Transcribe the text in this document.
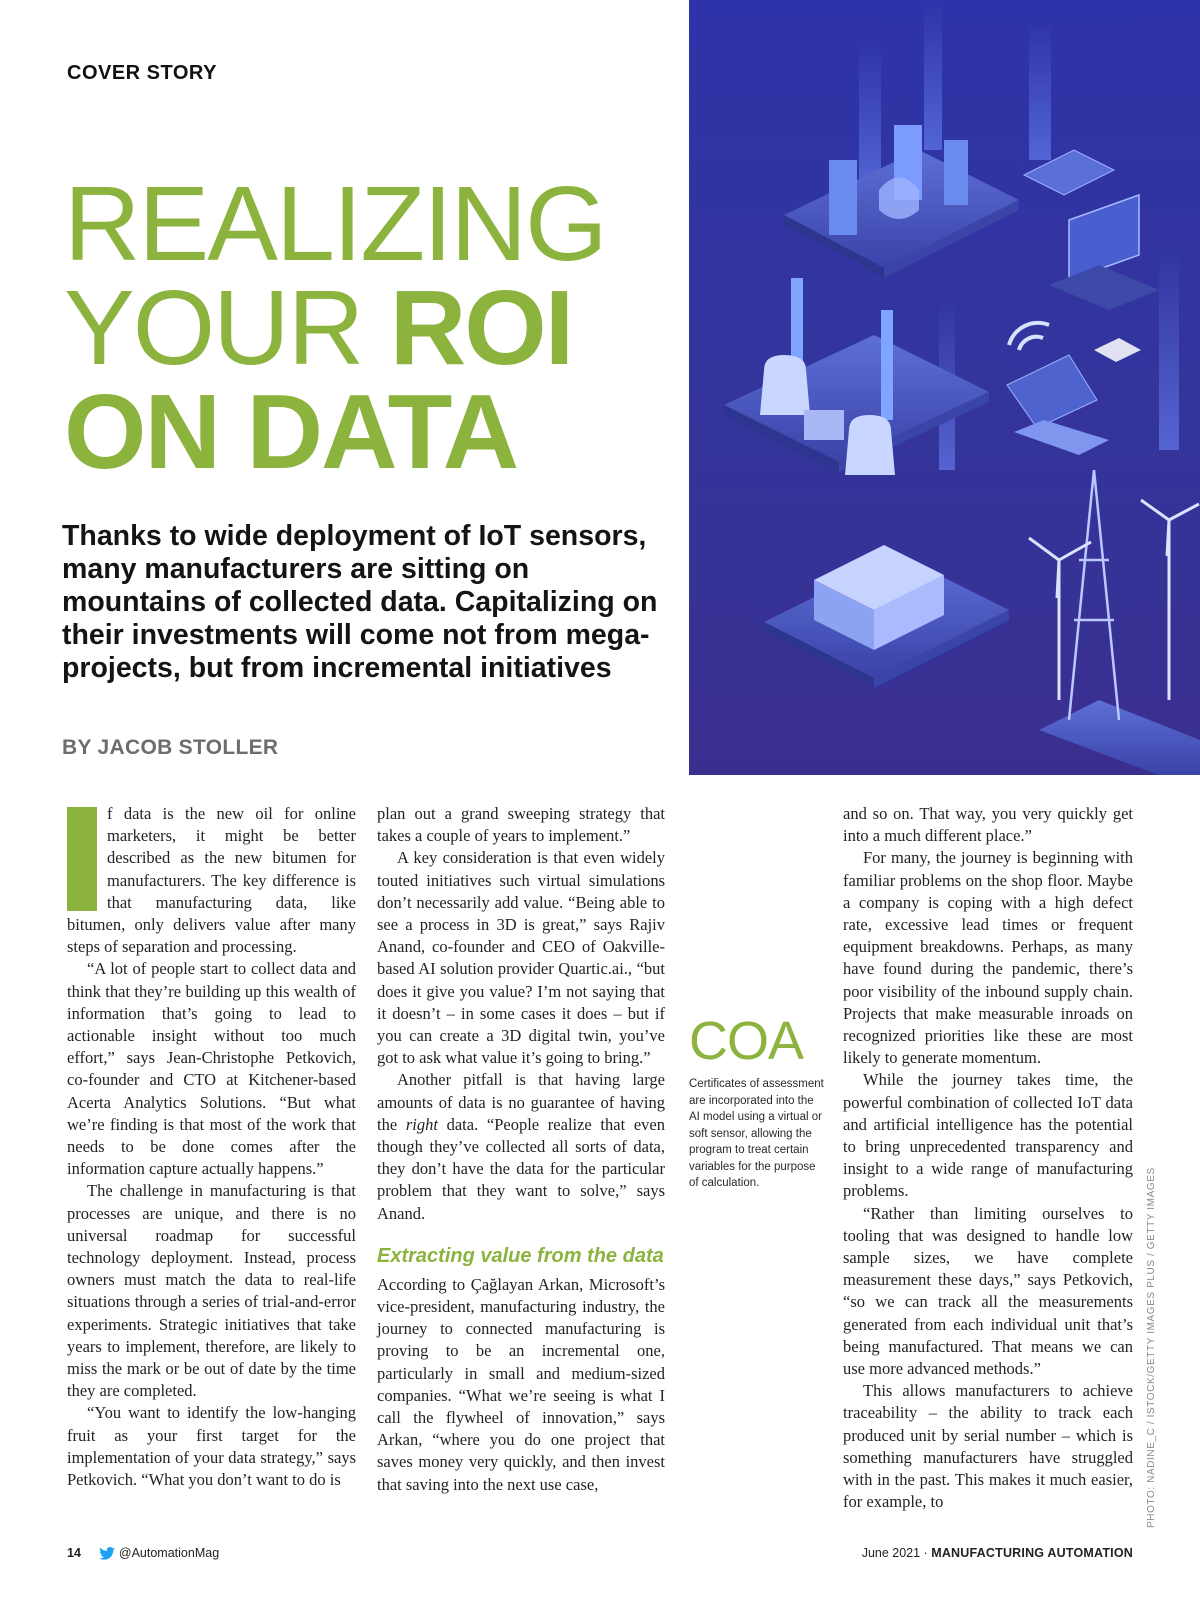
COVER STORY
REALIZING
YOUR ROI
ON DATA
Thanks to wide deployment of IoT sensors, many manufacturers are sitting on mountains of collected data. Capitalizing on their investments will come not from mega-projects, but from incremental initiatives
BY JACOB STOLLER

f data is the new oil for online marketers, it might be better described as the new bitumen for manufacturers. The key difference is that manufacturing data, like bitumen, only delivers value after many steps of separation and processing.

“A lot of people start to collect data and think that they’re building up this wealth of information that’s going to lead to actionable insight without too much effort,” says Jean-Christophe Petkovich, co-founder and CTO at Kitchener-based Acerta Analytics Solutions. “But what we’re finding is that most of the work that needs to be done comes after the information capture actually happens.”

The challenge in manufacturing is that processes are unique, and there is no universal roadmap for successful technology deployment. Instead, process owners must match the data to real-life situations through a series of trial-and-error experiments. Strategic initiatives that take years to implement, therefore, are likely to miss the mark or be out of date by the time they are completed.

“You want to identify the low-hanging fruit as your first target for the implementation of your data strategy,” says Petkovich. “What you don’t want to do is

plan out a grand sweeping strategy that takes a couple of years to implement.”

A key consideration is that even widely touted initiatives such virtual simulations don’t necessarily add value. “Being able to see a process in 3D is great,” says Rajiv Anand, co-founder and CEO of Oakville-based AI solution provider Quartic.ai., “but does it give you value? I’m not saying that it doesn’t – in some cases it does – but if you can create a 3D digital twin, you’ve got to ask what value it’s going to bring.”

Another pitfall is that having large amounts of data is no guarantee of having the right data. “People realize that even though they’ve collected all sorts of data, they don’t have the data for the particular problem that they want to solve,” says Anand.

Extracting value from the data

According to Çağlayan Arkan, Microsoft’s vice-president, manufacturing industry, the journey to connected manufacturing is proving to be an incremental one, particularly in small and medium-sized companies. “What we’re seeing is what I call the flywheel of innovation,” says Arkan, “where you do one project that saves money very quickly, and then invest that saving into the next use case,

COA
Certificates of assessment are incorporated into the AI model using a virtual or soft sensor, allowing the program to treat certain variables for the purpose of calculation.

and so on. That way, you very quickly get into a much different place.”

For many, the journey is beginning with familiar problems on the shop floor. Maybe a company is coping with a high defect rate, excessive lead times or frequent equipment breakdowns. Perhaps, as many have found during the pandemic, there’s poor visibility of the inbound supply chain. Projects that make measurable inroads on recognized priorities like these are most likely to generate momentum.

While the journey takes time, the powerful combination of collected IoT data and artificial intelligence has the potential to bring unprecedented transparency and insight to a wide range of manufacturing problems.

“Rather than limiting ourselves to tooling that was designed to handle low sample sizes, we have complete measurement these days,” says Petkovich, “so we can track all the measurements generated from each individual unit that’s being manufactured. That means we can use more advanced methods.”

This allows manufacturers to achieve traceability – the ability to track each produced unit by serial number – which is something manufacturers have struggled with in the past. This makes it much easier, for example, to	PHOTO: NADINE_C / ISTOCK/GETTY IMAGES PLUS / GETTY IMAGES
14	@AutomationMag	June 2021 · MANUFACTURING AUTOMATION
